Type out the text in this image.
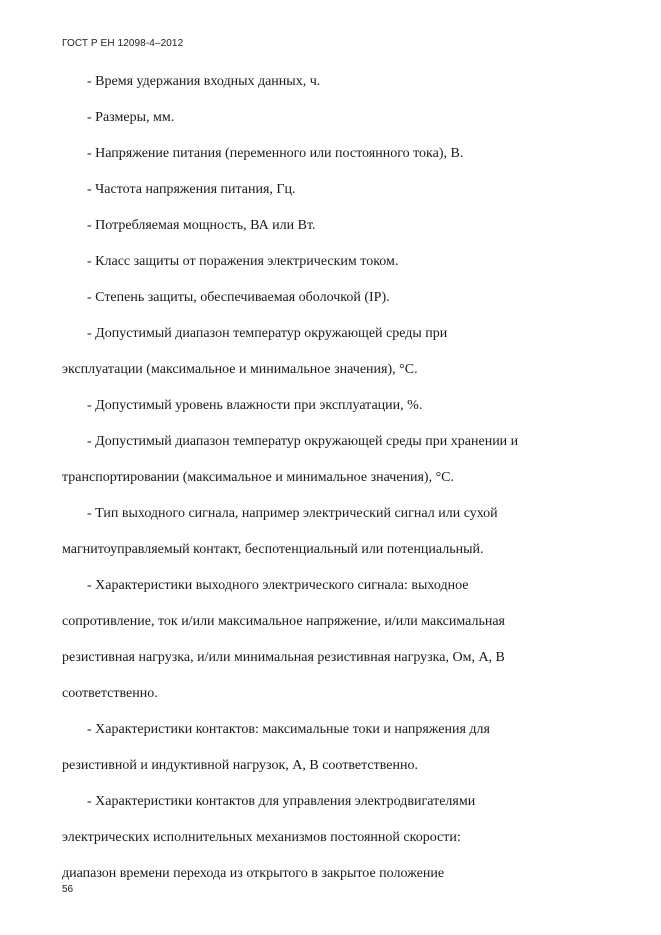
ГОСТ Р ЕН 12098-4–2012
- Время удержания входных данных, ч.
- Размеры, мм.
- Напряжение питания (переменного или постоянного тока), В.
- Частота напряжения питания, Гц.
- Потребляемая мощность, ВА или Вт.
- Класс защиты от поражения электрическим током.
- Степень защиты, обеспечиваемая оболочкой (IP).
- Допустимый диапазон температур окружающей среды при
эксплуатации (максимальное и минимальное значения), °С.
- Допустимый уровень влажности при эксплуатации, %.
- Допустимый диапазон температур окружающей среды при хранении и
транспортировании (максимальное и минимальное значения), °С.
- Тип выходного сигнала, например электрический сигнал или сухой
магнитоуправляемый контакт, беспотенциальный или потенциальный.
- Характеристики выходного электрического сигнала: выходное
сопротивление, ток и/или максимальное напряжение, и/или максимальная
резистивная нагрузка, и/или минимальная резистивная нагрузка, Ом, А, В
соответственно.
- Характеристики контактов: максимальные токи и напряжения для
резистивной и индуктивной нагрузок, А, В соответственно.
- Характеристики контактов для управления электродвигателями
электрических исполнительных механизмов постоянной скорости:
диапазон времени перехода из открытого в закрытое положение
56
